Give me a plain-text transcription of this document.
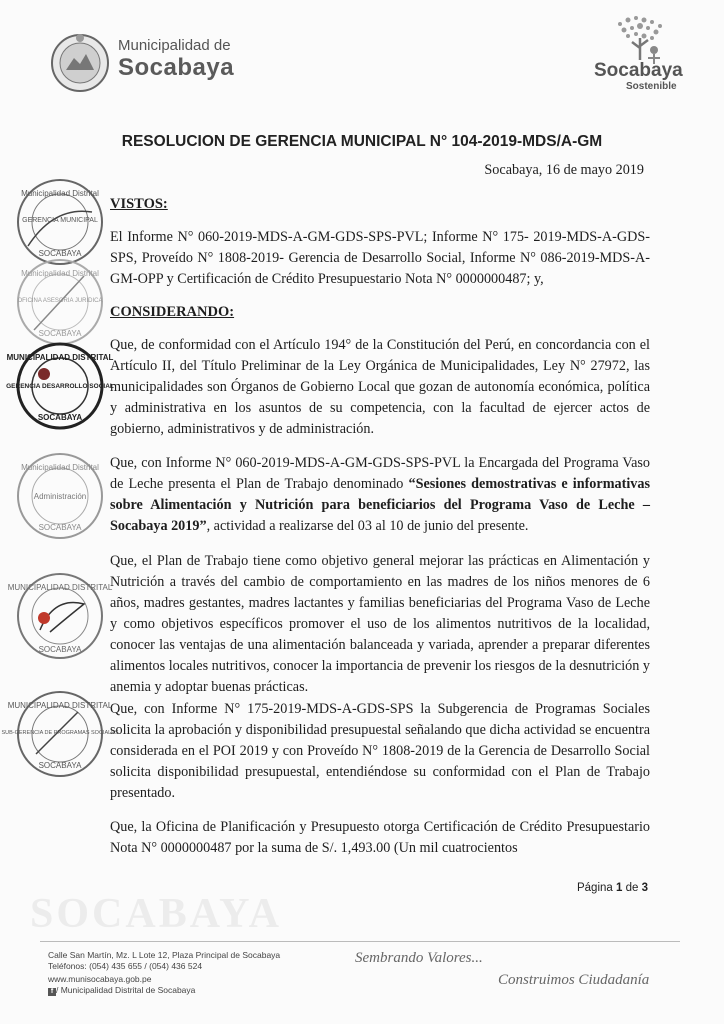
Municipalidad de
Socabaya	Socabaya
Sostenible
RESOLUCION DE GERENCIA MUNICIPAL N° 104-2019-MDS/A-GM
Socabaya, 16 de mayo 2019
VISTOS:
El Informe N° 060-2019-MDS-A-GM-GDS-SPS-PVL; Informe N° 175- 2019-MDS-A-GDS-SPS, Proveído N° 1808-2019- Gerencia de Desarrollo Social, Informe N° 086-2019-MDS-A-GM-OPP y Certificación de Crédito Presupuestario Nota N° 0000000487; y,
CONSIDERANDO:
Que, de conformidad con el Artículo 194° de la Constitución del Perú, en concordancia con el Artículo II, del Título Preliminar de la Ley Orgánica de Municipalidades, Ley N° 27972, las municipalidades son Órganos de Gobierno Local que gozan de autonomía económica, política y administrativa en los asuntos de su competencia, con la facultad de ejercer actos de gobierno, administrativos y de administración.
Que, con Informe N° 060-2019-MDS-A-GM-GDS-SPS-PVL la Encargada del Programa Vaso de Leche presenta el Plan de Trabajo denominado “Sesiones demostrativas e informativas sobre Alimentación y Nutrición para beneficiarios del Programa Vaso de Leche –Socabaya 2019”, actividad a realizarse del 03 al 10 de junio del presente.
Que, el Plan de Trabajo tiene como objetivo general mejorar las prácticas en Alimentación y Nutrición a través del cambio de comportamiento en las madres de los niños menores de 6 años, madres gestantes, madres lactantes y familias beneficiarias del Programa Vaso de Leche y como objetivos específicos promover el uso de los alimentos nutritivos de la localidad, conocer las ventajas de una alimentación balanceada y variada, aprender a preparar diferentes alimentos locales nutritivos, conocer la importancia de prevenir los riesgos de la desnutrición y anemia y adoptar buenas prácticas.
Que, con Informe N° 175-2019-MDS-A-GDS-SPS la Subgerencia de Programas Sociales solicita la aprobación y disponibilidad presupuestal señalando que dicha actividad se encuentra considerada en el POI 2019 y con Proveído N° 1808-2019 de la Gerencia de Desarrollo Social solicita disponibilidad presupuestal, entendiéndose su conformidad con el Plan de Trabajo presentado.
Que, la Oficina de Planificación y Presupuesto otorga Certificación de Crédito Presupuestario Nota N° 0000000487 por la suma de S/. 1,493.00 (Un mil cuatrocientos
Municipalidad Distrital
GERENCIA MUNICIPAL
SOCABAYA
Municipalidad Distrital
OFICINA ASESORIA JURIDICA
SOCABAYA
MUNICIPALIDAD DISTRITAL
GERENCIA DESARROLLO SOCIAL
SOCABAYA
Municipalidad Distrital
Administración
SOCABAYA
MUNICIPALIDAD DISTRITAL
SOCABAYA
MUNICIPALIDAD DISTRITAL
SUB-GERENCIA DE PROGRAMAS SOCIALES
SOCABAYA
SOCABAYA
Página 1 de 3
Calle San Martín, Mz. L Lote 12, Plaza Principal de Socabaya
Teléfonos: (054) 435 655 / (054) 436 524
www.munisocabaya.gob.pe
f / Municipalidad Distrital de Socabaya
Sembrando Valores...
Construimos Ciudadanía
